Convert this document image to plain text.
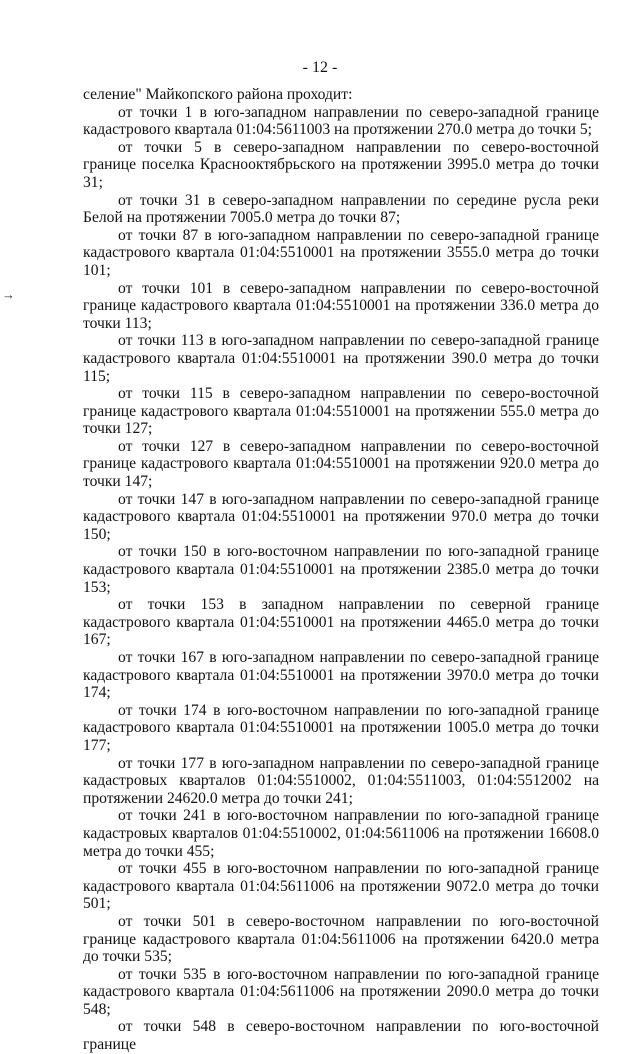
- 12 -
→

селение" Майкопского района проходит:

от точки 1 в юго-западном направлении по северо-западной границе кадастрового квартала 01:04:5611003 на протяжении 270.0 метра до точки 5;

от точки 5 в северо-западном направлении по северо-восточной границе поселка Краснооктябрьского на протяжении 3995.0 метра до точки 31;

от точки 31 в северо-западном направлении по середине русла реки Белой на протяжении 7005.0 метра до точки 87;

от точки 87 в юго-западном направлении по северо-западной границе кадастрового квартала 01:04:5510001 на протяжении 3555.0 метра до точки 101;

от точки 101 в северо-западном направлении по северо-восточной границе кадастрового квартала 01:04:5510001 на протяжении 336.0 метра до точки 113;

от точки 113 в юго-западном направлении по северо-западной границе кадастрового квартала 01:04:5510001 на протяжении 390.0 метра до точки 115;

от точки 115 в северо-западном направлении по северо-восточной границе кадастрового квартала 01:04:5510001 на протяжении 555.0 метра до точки 127;

от точки 127 в северо-западном направлении по северо-восточной границе кадастрового квартала 01:04:5510001 на протяжении 920.0 метра до точки 147;

от точки 147 в юго-западном направлении по северо-западной границе кадастрового квартала 01:04:5510001 на протяжении 970.0 метра до точки 150;

от точки 150 в юго-восточном направлении по юго-западной границе кадастрового квартала 01:04:5510001 на протяжении 2385.0 метра до точки 153;

от точки 153 в западном направлении по северной границе кадастрового квартала 01:04:5510001 на протяжении 4465.0 метра до точки 167;

от точки 167 в юго-западном направлении по северо-западной границе кадастрового квартала 01:04:5510001 на протяжении 3970.0 метра до точки 174;

от точки 174 в юго-восточном направлении по юго-западной границе кадастрового квартала 01:04:5510001 на протяжении 1005.0 метра до точки 177;

от точки 177 в юго-западном направлении по северо-западной границе кадастровых кварталов 01:04:5510002, 01:04:5511003, 01:04:5512002 на протяжении 24620.0 метра до точки 241;

от точки 241 в юго-восточном направлении по юго-западной границе кадастровых кварталов 01:04:5510002, 01:04:5611006 на протяжении 16608.0 метра до точки 455;

от точки 455 в юго-восточном направлении по юго-западной границе кадастрового квартала 01:04:5611006 на протяжении 9072.0 метра до точки 501;

от точки 501 в северо-восточном направлении по юго-восточной границе кадастрового квартала 01:04:5611006 на протяжении 6420.0 метра до точки 535;

от точки 535 в юго-восточном направлении по юго-западной границе кадастрового квартала 01:04:5611006 на протяжении 2090.0 метра до точки 548;

от точки 548 в северо-восточном направлении по юго-восточной границе
